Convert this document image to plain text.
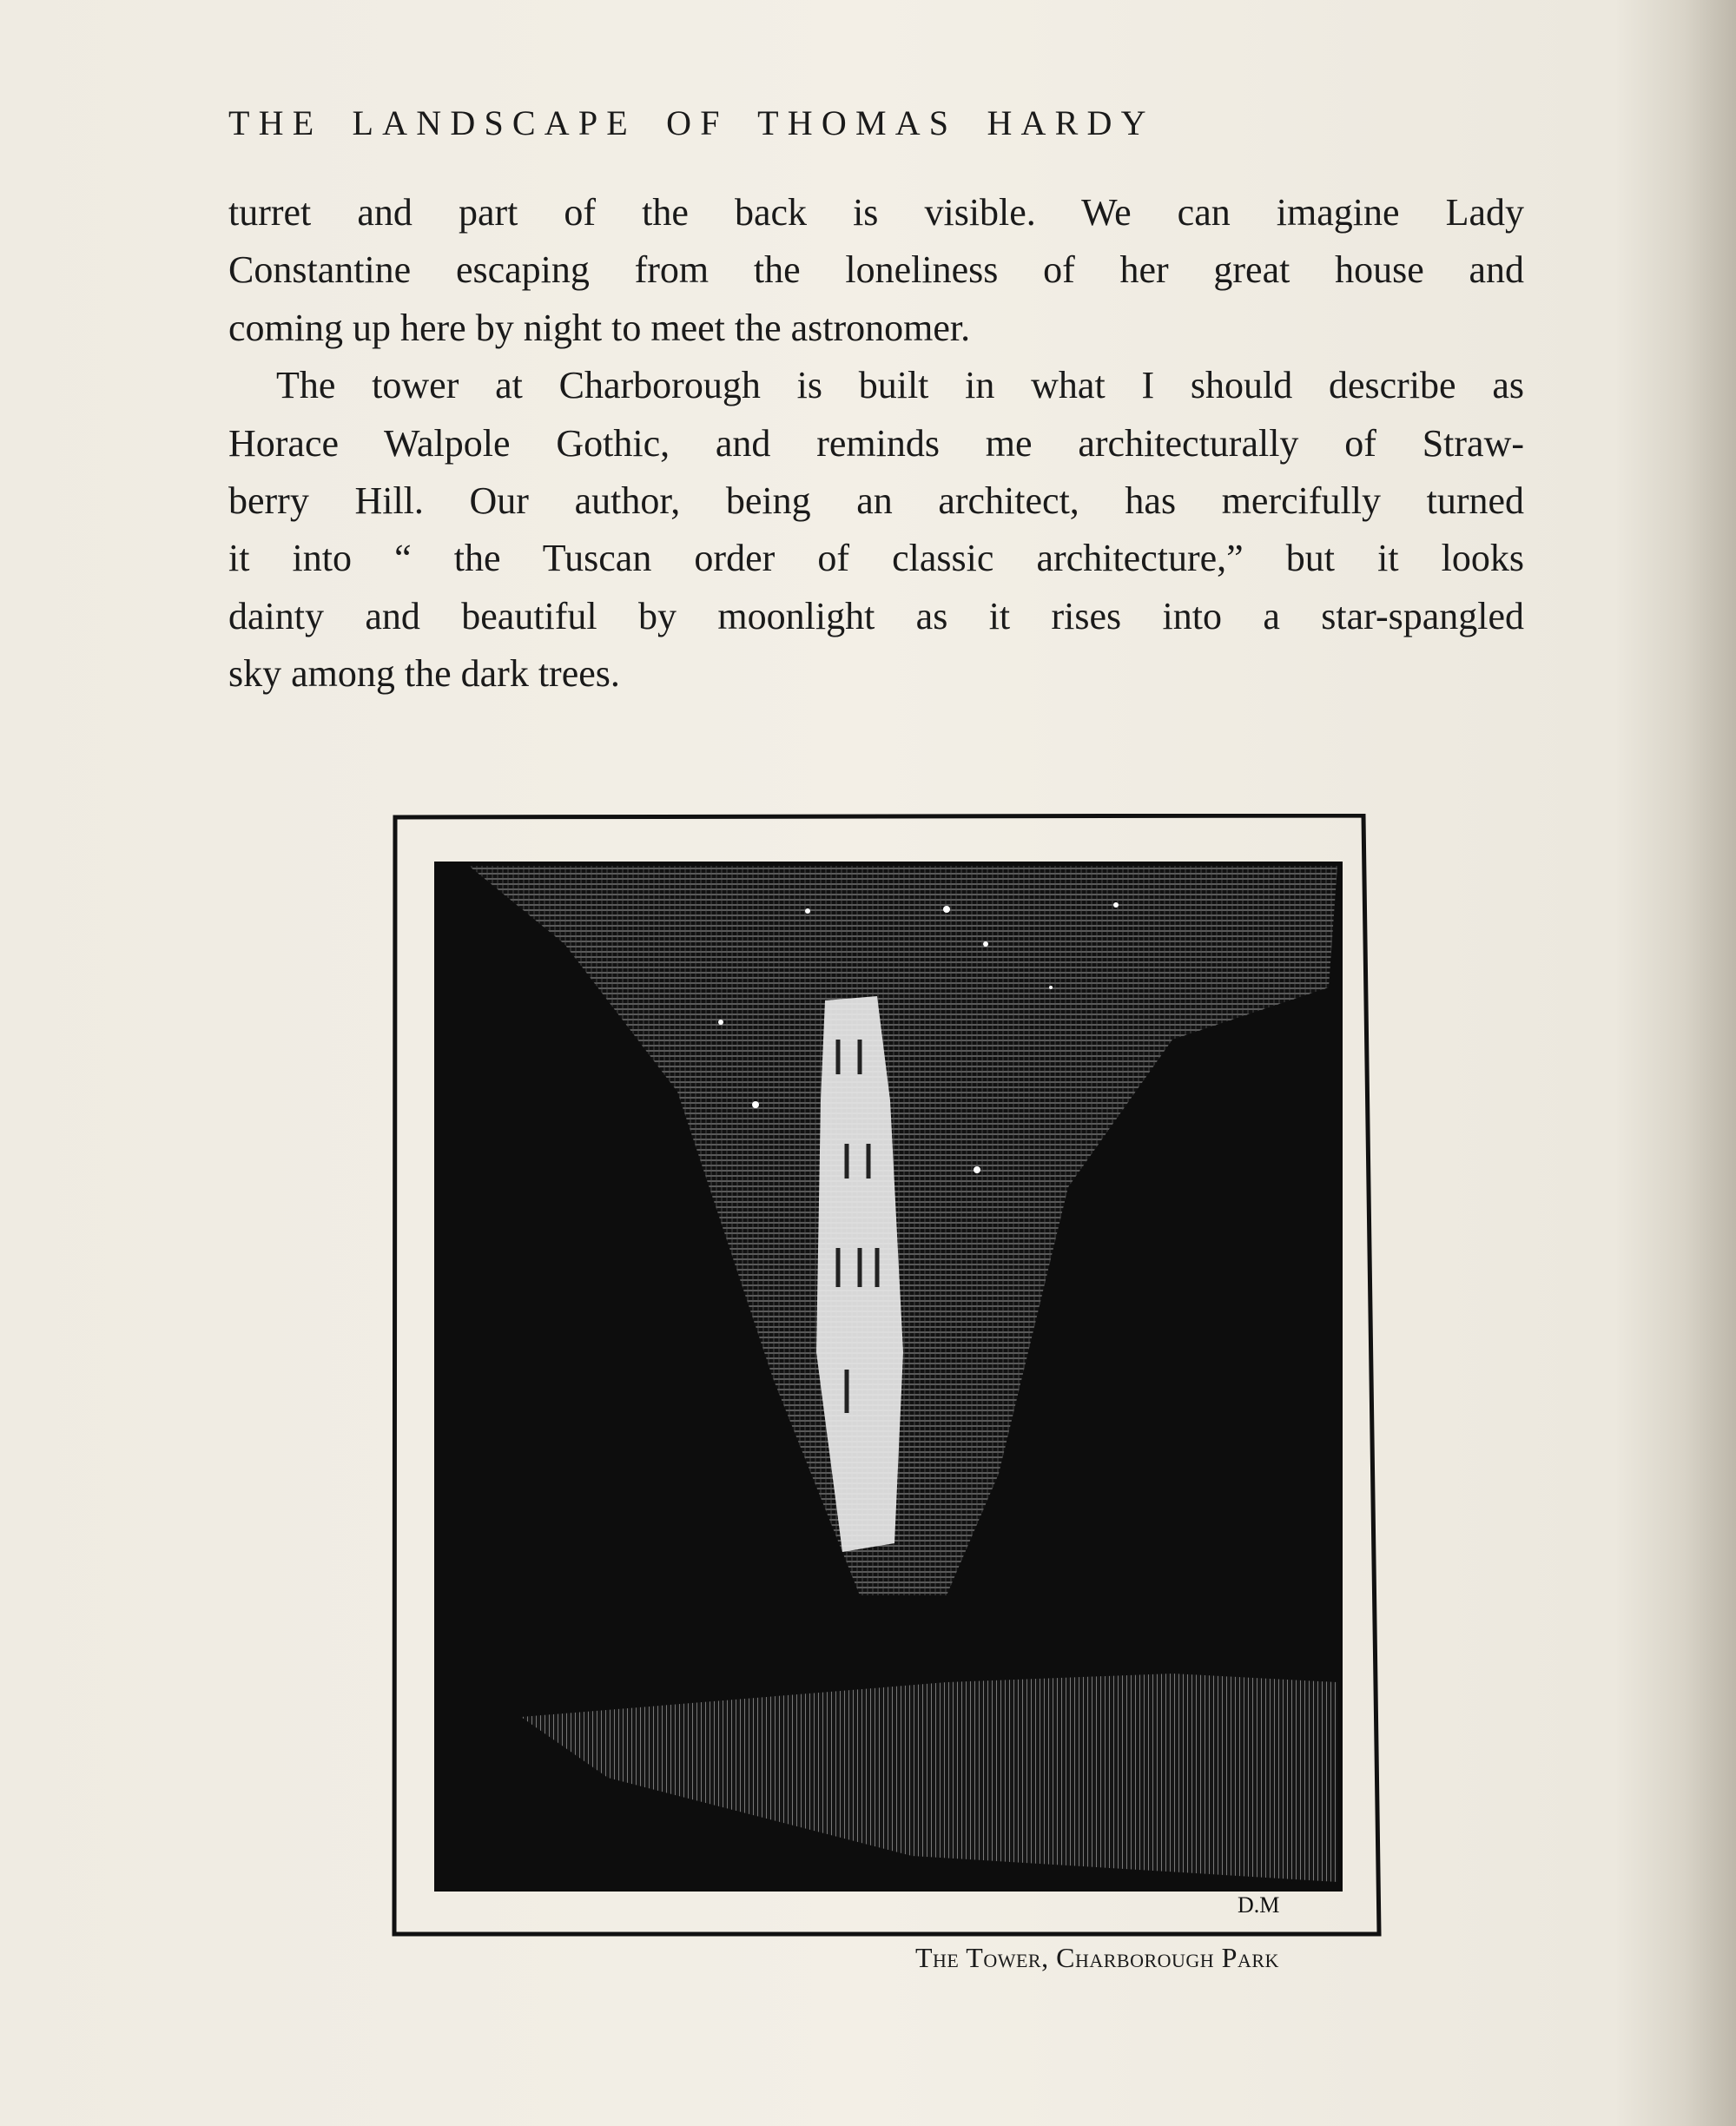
THE LANDSCAPE OF THOMAS HARDY
turret and part of the back is visible. We can imagine Lady
Constantine escaping from the loneliness of her great house and
coming up here by night to meet the astronomer.
The tower at Charborough is built in what I should describe as
Horace Walpole Gothic, and reminds me architecturally of Straw-
berry Hill. Our author, being an architect, has mercifully turned
it into “ the Tuscan order of classic architecture,” but it looks
dainty and beautiful by moonlight as it rises into a star-spangled
sky among the dark trees.
D.M
The Tower, Charborough Park
